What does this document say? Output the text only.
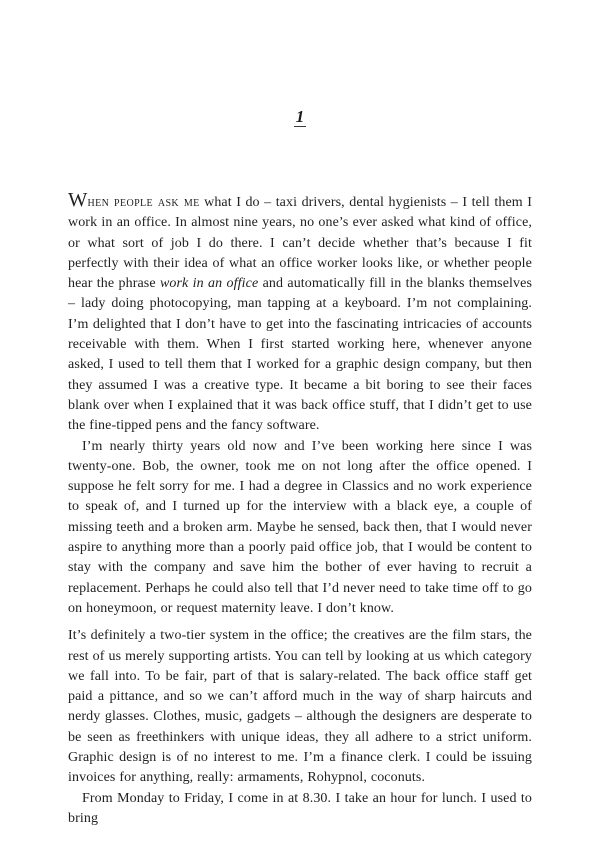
1

When people ask me what I do – taxi drivers, dental hygienists – I tell them I work in an office. In almost nine years, no one’s ever asked what kind of office, or what sort of job I do there. I can’t decide whether that’s because I fit perfectly with their idea of what an office worker looks like, or whether people hear the phrase work in an office and automatically fill in the blanks themselves – lady doing photocopying, man tapping at a keyboard. I’m not complaining. I’m delighted that I don’t have to get into the fascinating intricacies of accounts receivable with them. When I first started working here, whenever anyone asked, I used to tell them that I worked for a graphic design company, but then they assumed I was a creative type. It became a bit boring to see their faces blank over when I explained that it was back office stuff, that I didn’t get to use the fine-tipped pens and the fancy software.

I’m nearly thirty years old now and I’ve been working here since I was twenty-one. Bob, the owner, took me on not long after the office opened. I suppose he felt sorry for me. I had a degree in Classics and no work experience to speak of, and I turned up for the interview with a black eye, a couple of missing teeth and a broken arm. Maybe he sensed, back then, that I would never aspire to anything more than a poorly paid office job, that I would be content to stay with the company and save him the bother of ever having to recruit a replacement. Perhaps he could also tell that I’d never need to take time off to go on honeymoon, or request maternity leave. I don’t know.

It’s definitely a two-tier system in the office; the creatives are the film stars, the rest of us merely supporting artists. You can tell by looking at us which category we fall into. To be fair, part of that is salary-related. The back office staff get paid a pittance, and so we can’t afford much in the way of sharp haircuts and nerdy glasses. Clothes, music, gadgets – although the designers are desperate to be seen as freethinkers with unique ideas, they all adhere to a strict uniform. Graphic design is of no interest to me. I’m a finance clerk. I could be issuing invoices for anything, really: armaments, Rohypnol, coconuts.

From Monday to Friday, I come in at 8.30. I take an hour for lunch. I used to bring
